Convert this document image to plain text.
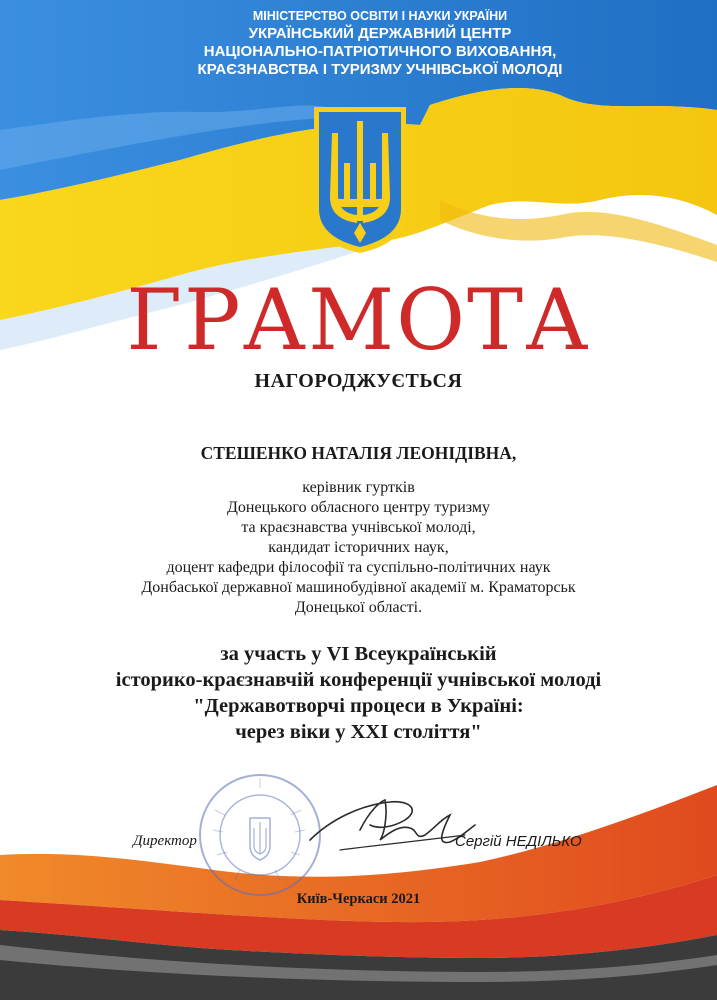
МІНІСТЕРСТВО ОСВІТИ І НАУКИ УКРАЇНИ
УКРАЇНСЬКИЙ ДЕРЖАВНИЙ ЦЕНТР
НАЦІОНАЛЬНО-ПАТРІОТИЧНОГО ВИХОВАННЯ,
КРАЄЗНАВСТВА І ТУРИЗМУ УЧНІВСЬКОЇ МОЛОДІ
ГРАМОТА
НАГОРОДЖУЄТЬСЯ
СТЕШЕНКО НАТАЛІЯ ЛЕОНІДІВНА,
керівник гуртків
Донецького обласного центру туризму
та краєзнавства учнівської молоді,
кандидат історичних наук,
доцент кафедри філософії та суспільно-політичних наук
Донбаської державної машинобудівної академії м. Краматорськ
Донецької області.
за участь у VI Всеукраїнській
історико-краєзнавчій конференції учнівської молоді
"Державотворчі процеси в Україні:
через віки у XXI століття"
Директор	Сергій НЕДІЛЬКО
Київ-Черкаси 2021
